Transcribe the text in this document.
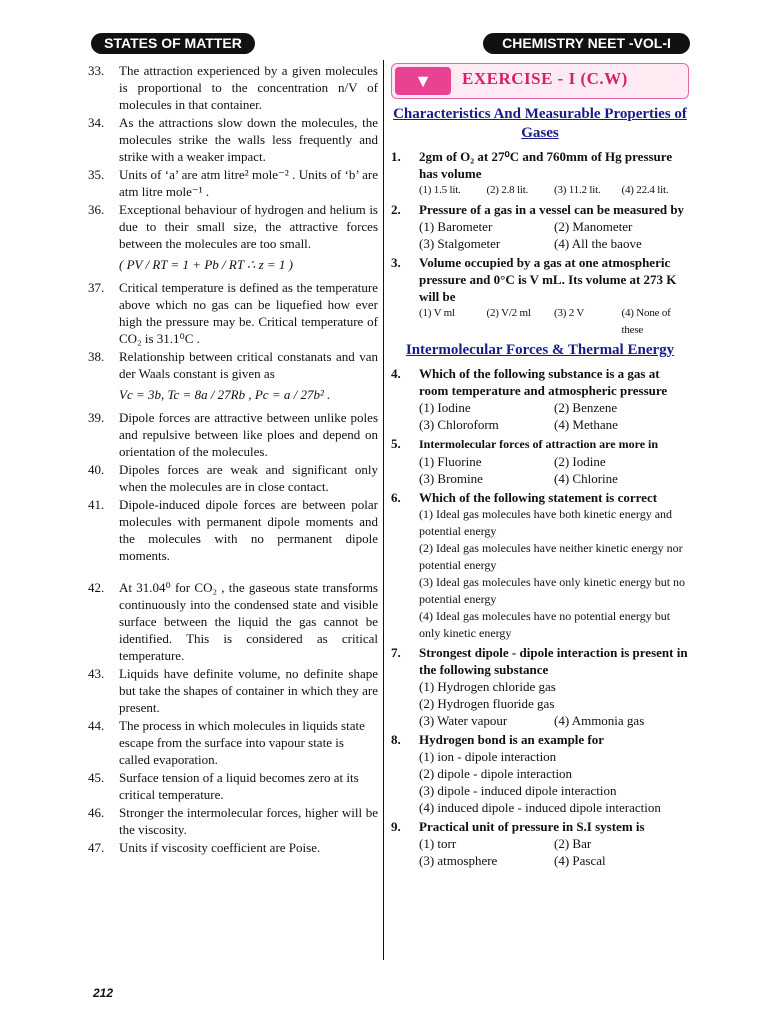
STATES OF MATTER	CHEMISTRY NEET -VOL-I
33. The attraction experienced by a given molecules is proportional to the concentration n/V of molecules in that container.
34. As the attractions slow down the molecules, the molecules strike the walls less frequently and strike with a weaker impact.
35. Units of ‘a’ are atm litre² mole⁻² . Units of ‘b’ are atm litre mole⁻¹ .
36. Exceptional behaviour of hydrogen and helium is due to their small size, the attractive forces between the molecules are too small.
( PV / RT = 1 + Pb / RT ∴ z = 1 )
37. Critical temperature is defined as the temperature above which no gas can be liquefied how ever high the pressure may be. Critical temperature of CO₂ is 31.1⁰C .
38. Relationship between critical constanats and van der Waals constant is given as
Vc = 3b, Tc = 8a / 27Rb , Pc = a / 27b² .
39. Dipole forces are attractive between unlike poles and repulsive between like ploes and depend on orientation of the molecules.
40. Dipoles forces are weak and significant only when the molecules are in close contact.
41. Dipole-induced dipole forces are between polar molecules with permanent dipole moments and the molecules with no permanent dipole moments.
42. At 31.04⁰ for CO₂ , the gaseous state transforms continuously into the condensed state and visible surface between the liquid the gas cannot be identified. This is considered as critical temperature.
43. Liquids have definite volume, no definite shape but take the shapes of container in which they are present.
44. The process in which molecules in liquids state          escape from the surface into vapour state is            called evaporation.
45. Surface tension of a liquid becomes zero at its              critical temperature.
46. Stronger the intermolecular forces, higher will be the viscosity.
47. Units if viscosity coefficient are Poise.
▼	EXERCISE - I (C.W)
Characteristics And Measurable Properties of Gases
1. 2gm of O₂ at 27⁰C and 760mm of Hg pressure has volume
(1) 1.5 lit.	(2) 2.8 lit.	(3) 11.2 lit.	(4) 22.4 lit.
2. Pressure of a gas in a vessel can be measured by
(1) Barometer	(2) Manometer
(3) Stalgometer	(4) All the baove
3. Volume occupied by a gas at one atmospheric pressure and 0°C is V mL. Its volume at 273 K will be
(1) V ml	(2) V/2 ml	(3) 2 V	(4) None of these
Intermolecular Forces & Thermal Energy
4. Which of the following substance is a gas at room temperature and atmospheric pressure
(1) Iodine	(2) Benzene
(3) Chloroform	(4) Methane
5. Intermolecular forces of attraction are more in
(1) Fluorine	(2) Iodine
(3) Bromine	(4) Chlorine
6. Which of the following statement is correct
(1) Ideal gas molecules have both kinetic energy and potential energy
(2) Ideal gas molecules have neither kinetic energy nor potential energy
(3) Ideal gas molecules have only kinetic energy but no potential energy
(4) Ideal gas molecules have no potential energy but only kinetic energy
7. Strongest dipole - dipole interaction is present in the following substance
(1) Hydrogen chloride gas
(2) Hydrogen fluoride gas
(3) Water vapour	(4) Ammonia gas
8. Hydrogen bond is an example for
(1) ion - dipole interaction
(2) dipole - dipole interaction
(3) dipole - induced dipole interaction
(4) induced dipole - induced dipole interaction
9. Practical unit of pressure in S.I system is
(1) torr	(2) Bar
(3) atmosphere	(4) Pascal
212
